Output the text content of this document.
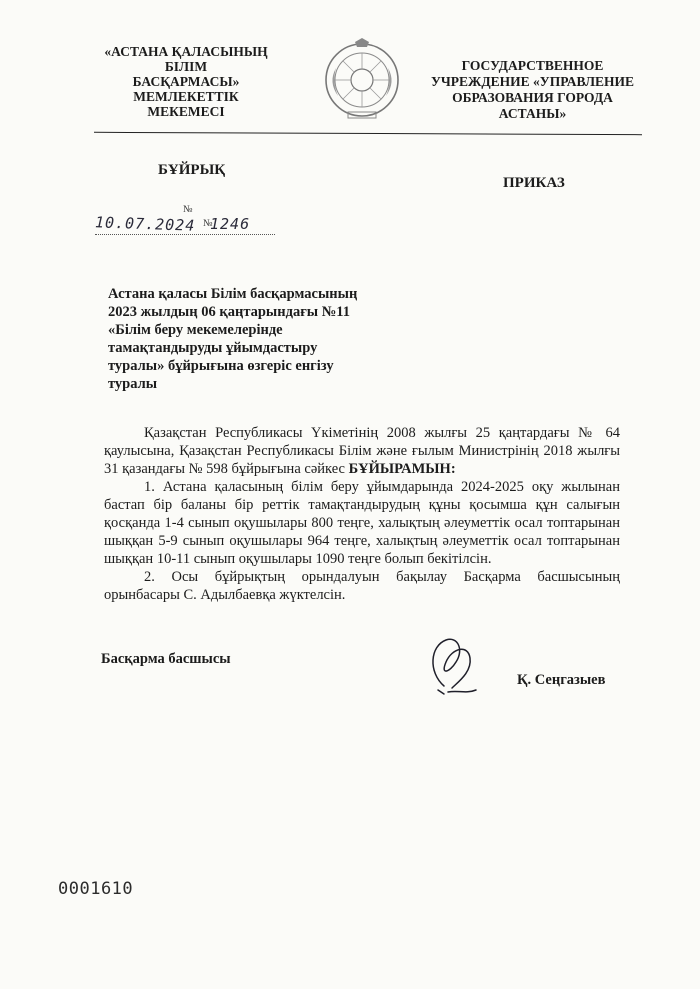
«АСТАНА ҚАЛАСЫНЫҢ БІЛІМ
БАСҚАРМАСЫ» МЕМЛЕКЕТТІК
МЕКЕМЕСІ
ГОСУДАРСТВЕННОЕ
УЧРЕЖДЕНИЕ «УПРАВЛЕНИЕ
ОБРАЗОВАНИЯ ГОРОДА
АСТАНЫ»
БҰЙРЫҚ
ПРИКАЗ
10.07.2024
№
№
1246
Астана қаласы Білім басқармасының
2023 жылдың 06 қаңтарындағы №11
«Білім беру мекемелерінде
тамақтандыруды ұйымдастыру
туралы» бұйрығына өзгеріс енгізу
туралы

Қазақстан Республикасы Үкіметінің 2008 жылғы 25 қаңтардағы № 64 қаулысына, Қазақстан Республикасы Білім және ғылым Министрінің 2018 жылғы 31 қазандағы № 598 бұйрығына сәйкес БҰЙЫРАМЫН:

1. Астана қаласының білім беру ұйымдарында 2024-2025 оқу жылынан бастап бір баланы бір реттік тамақтандырудың құны қосымша құн салығын қосқанда 1-4 сынып оқушылары 800 теңге, халықтың әлеуметтік осал топтарынан шыққан 5-9 сынып оқушылары 964 теңге, халықтың әлеуметтік осал топтарынан шыққан 10-11 сынып оқушылары 1090 теңге болып бекітілсін.

2. Осы бұйрықтың орындалуын бақылау Басқарма басшысының орынбасары С. Адылбаевқа жүктелсін.

Басқарма басшысы
Қ. Сеңгазыев
0001610
